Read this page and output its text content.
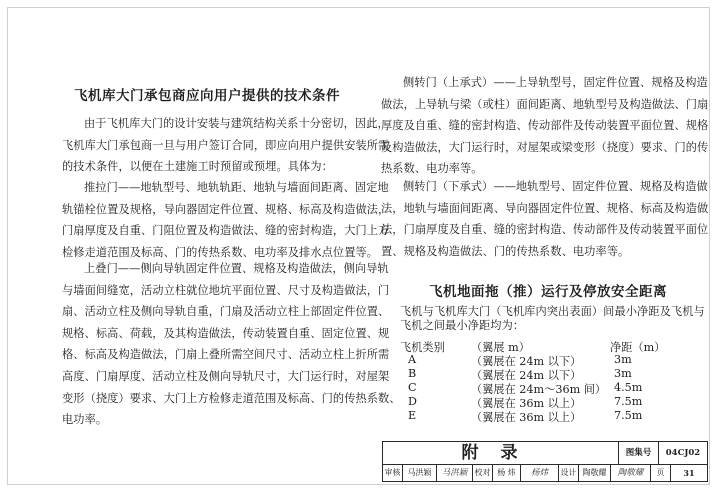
飞机库大门承包商应向用户提供的技术条件
由于飞机库大门的设计安装与建筑结构关系十分密切，因此，
飞机库大门承包商一旦与用户签订合同，即应向用户提供安装所需
的技术条件，以便在土建施工时预留或预埋。具体为：
推拉门——地轨型号、地轨轨距、地轨与墙面间距离、固定地
轨锚栓位置及规格，导向器固定件位置、规格、标高及构造做法，
门扇厚度及自重、门阻位置及构造做法、缝的密封构造，大门上方
检修走道范围及标高、门的传热系数、电功率及排水点位置等。
上叠门——侧向导轨固定件位置、规格及构造做法，侧向导轨
与墙面间缝宽，活动立柱就位地坑平面位置、尺寸及构造做法，门
扇、活动立柱及侧向导轨自重，门扇及活动立柱上部固定件位置、
规格、标高、荷载，及其构造做法，传动装置自重、固定位置、规
格、标高及构造做法，门扇上叠所需空间尺寸、活动立柱上折所需
高度、门扇厚度、活动立柱及侧向导轨尺寸，大门运行时，对屋架
变形（挠度）要求、大门上方检修走道范围及标高、门的传热系数、
电功率。
侧转门（上承式）——上导轨型号，固定件位置、规格及构造
做法，上导轨与梁（或柱）面间距离、地轨型号及构造做法、门扇
厚度及自重、缝的密封构造、传动部件及传动装置平面位置、规格
及构造做法，大门运行时，对屋架或梁变形（挠度）要求、门的传
热系数、电功率等。
侧转门（下承式）——地轨型号、固定件位置、规格及构造做
法，地轨与墙面间距离、导向器固定件位置、规格、标高及构造做
法，门扇厚度及自重、缝的密封构造、传动部件及传动装置平面位
置、规格及构造做法、门的传热系数、电功率等。
飞机地面拖（推）运行及停放安全距离
飞机与飞机库大门（飞机库内突出表面）间最小净距及飞机与
飞机之间最小净距均为：
飞机类别 （翼展 m）	净距（m）
A	（翼展在 24m 以下）	3m
B	（翼展在 24m 以下）	3m
C	（翼展在 24m～36m 间） 4.5m
D	（翼展在 36m 以上）	7.5m
E	（翼展在 36m 以上）	7.5m
附录	图集号	04CJ02
审核 马洪颖	马洪颖 校对 杨 炜	杨炜	设计 陶敬耀	陶敬耀	页	31
